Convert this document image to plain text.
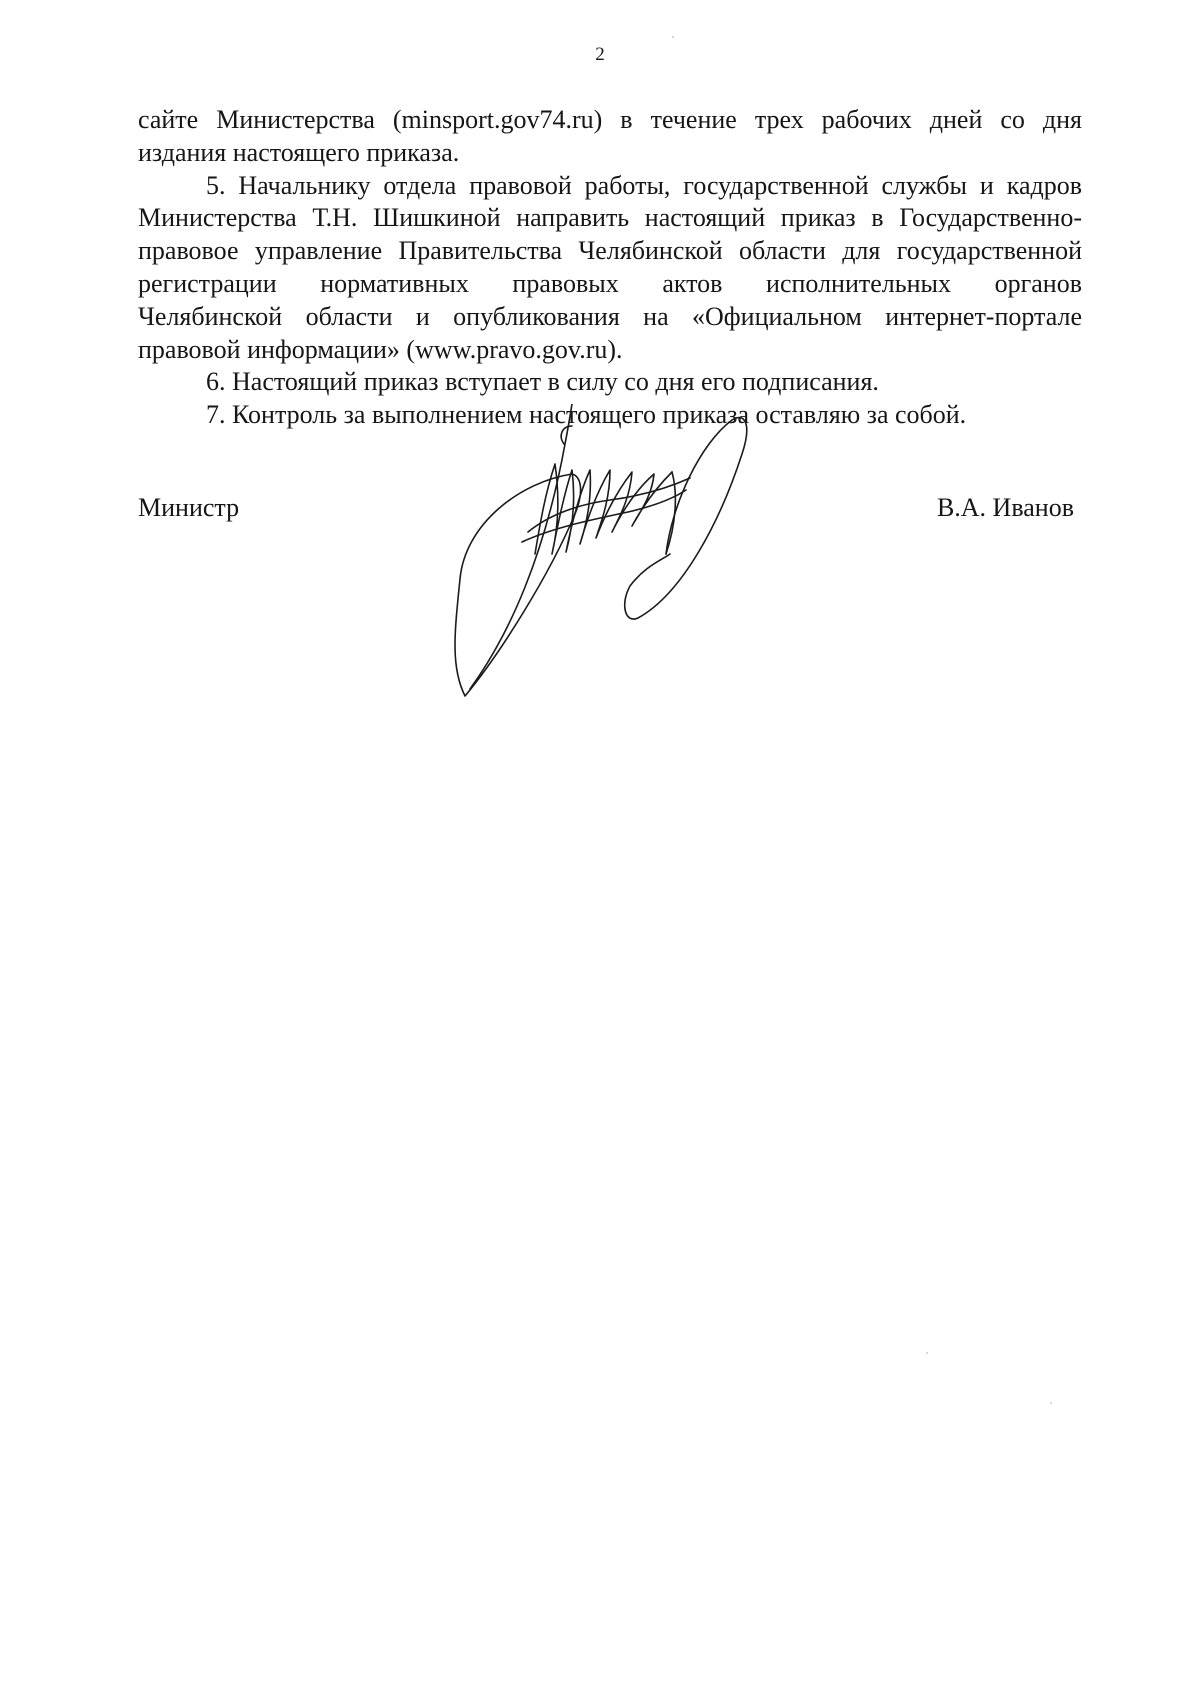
2

сайте Министерства (minsport.gov74.ru) в течение трех рабочих дней со дня

издания настоящего приказа.

5. Начальнику отдела правовой работы, государственной службы и кадров

Министерства Т.Н. Шишкиной направить настоящий приказ в Государственно-

правовое управление Правительства Челябинской области для государственной

регистрации нормативных правовых актов исполнительных органов

Челябинской области и опубликования на «Официальном интернет-портале

правовой информации» (www.pravo.gov.ru).

6. Настоящий приказ вступает в силу со дня его подписания.

7. Контроль за выполнением настоящего приказа оставляю за собой.

Министр	В.А. Иванов
